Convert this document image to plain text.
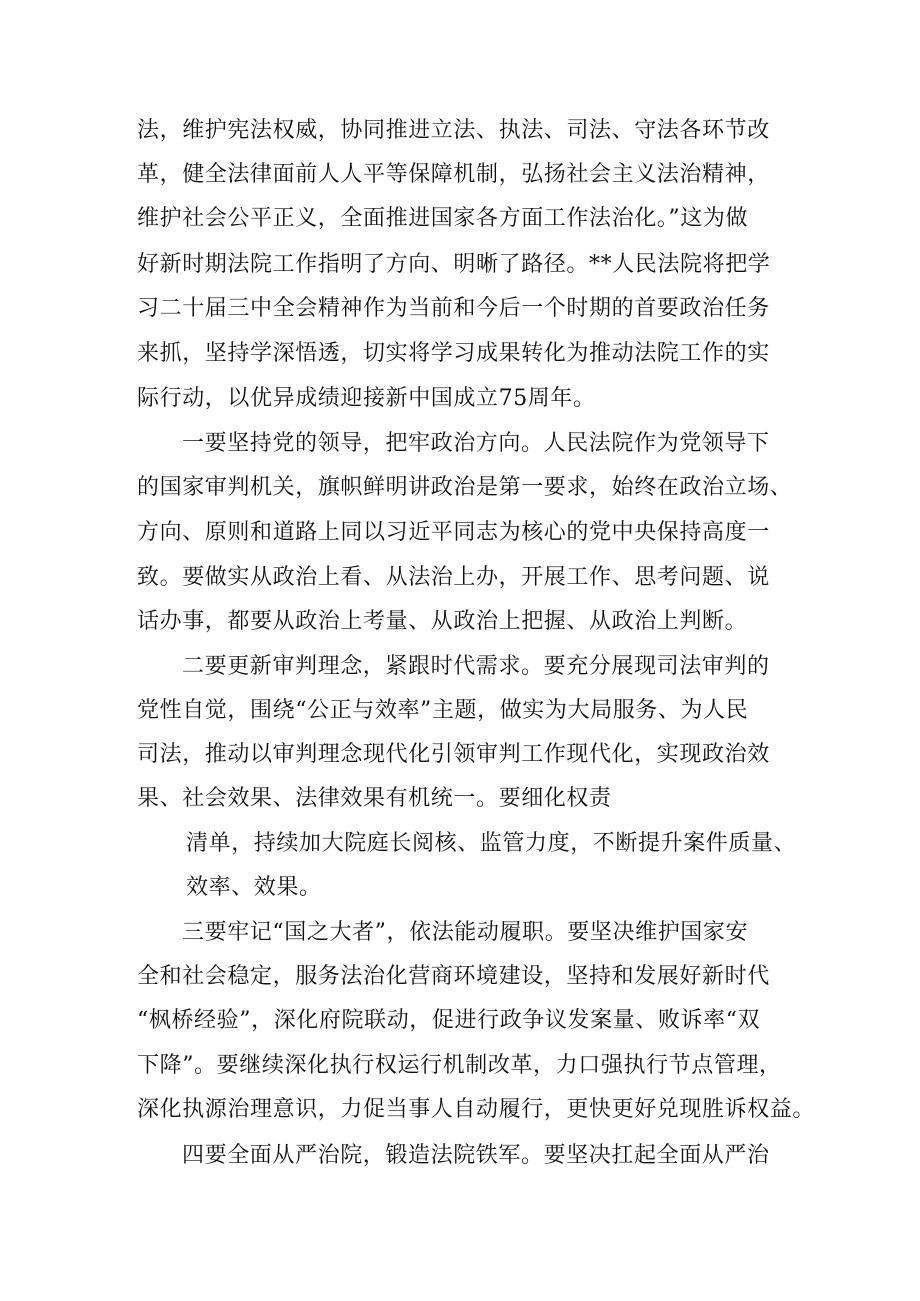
法，维护宪法权威，协同推进立法、执法、司法、守法各环节改

革，健全法律面前人人平等保障机制，弘扬社会主义法治精神，

维护社会公平正义，全面推进国家各方面工作法治化。”这为做

好新时期法院工作指明了方向、明晰了路径。**人民法院将把学

习二十届三中全会精神作为当前和今后一个时期的首要政治任务

来抓，坚持学深悟透，切实将学习成果转化为推动法院工作的实

际行动，以优异成绩迎接新中国成立75周年。

一要坚持党的领导，把牢政治方向。人民法院作为党领导下

的国家审判机关，旗帜鲜明讲政治是第一要求，始终在政治立场、

方向、原则和道路上同以习近平同志为核心的党中央保持高度一

致。要做实从政治上看、从法治上办，开展工作、思考问题、说

话办事，都要从政治上考量、从政治上把握、从政治上判断。

二要更新审判理念，紧跟时代需求。要充分展现司法审判的

党性自觉，围绕“公正与效率”主题，做实为大局服务、为人民

司法，推动以审判理念现代化引领审判工作现代化，实现政治效

果、社会效果、法律效果有机统一。要细化权责

清单，持续加大院庭长阅核、监管力度，不断提升案件质量、

效率、效果。

三要牢记“国之大者”，依法能动履职。要坚决维护国家安

全和社会稳定，服务法治化营商环境建设，坚持和发展好新时代

“枫桥经验”，深化府院联动，促进行政争议发案量、败诉率“双

下降”。要继续深化执行权运行机制改革，力口强执行节点管理，

深化执源治理意识，力促当事人自动履行，更快更好兑现胜诉权益。

四要全面从严治院，锻造法院铁军。要坚决扛起全面从严治
